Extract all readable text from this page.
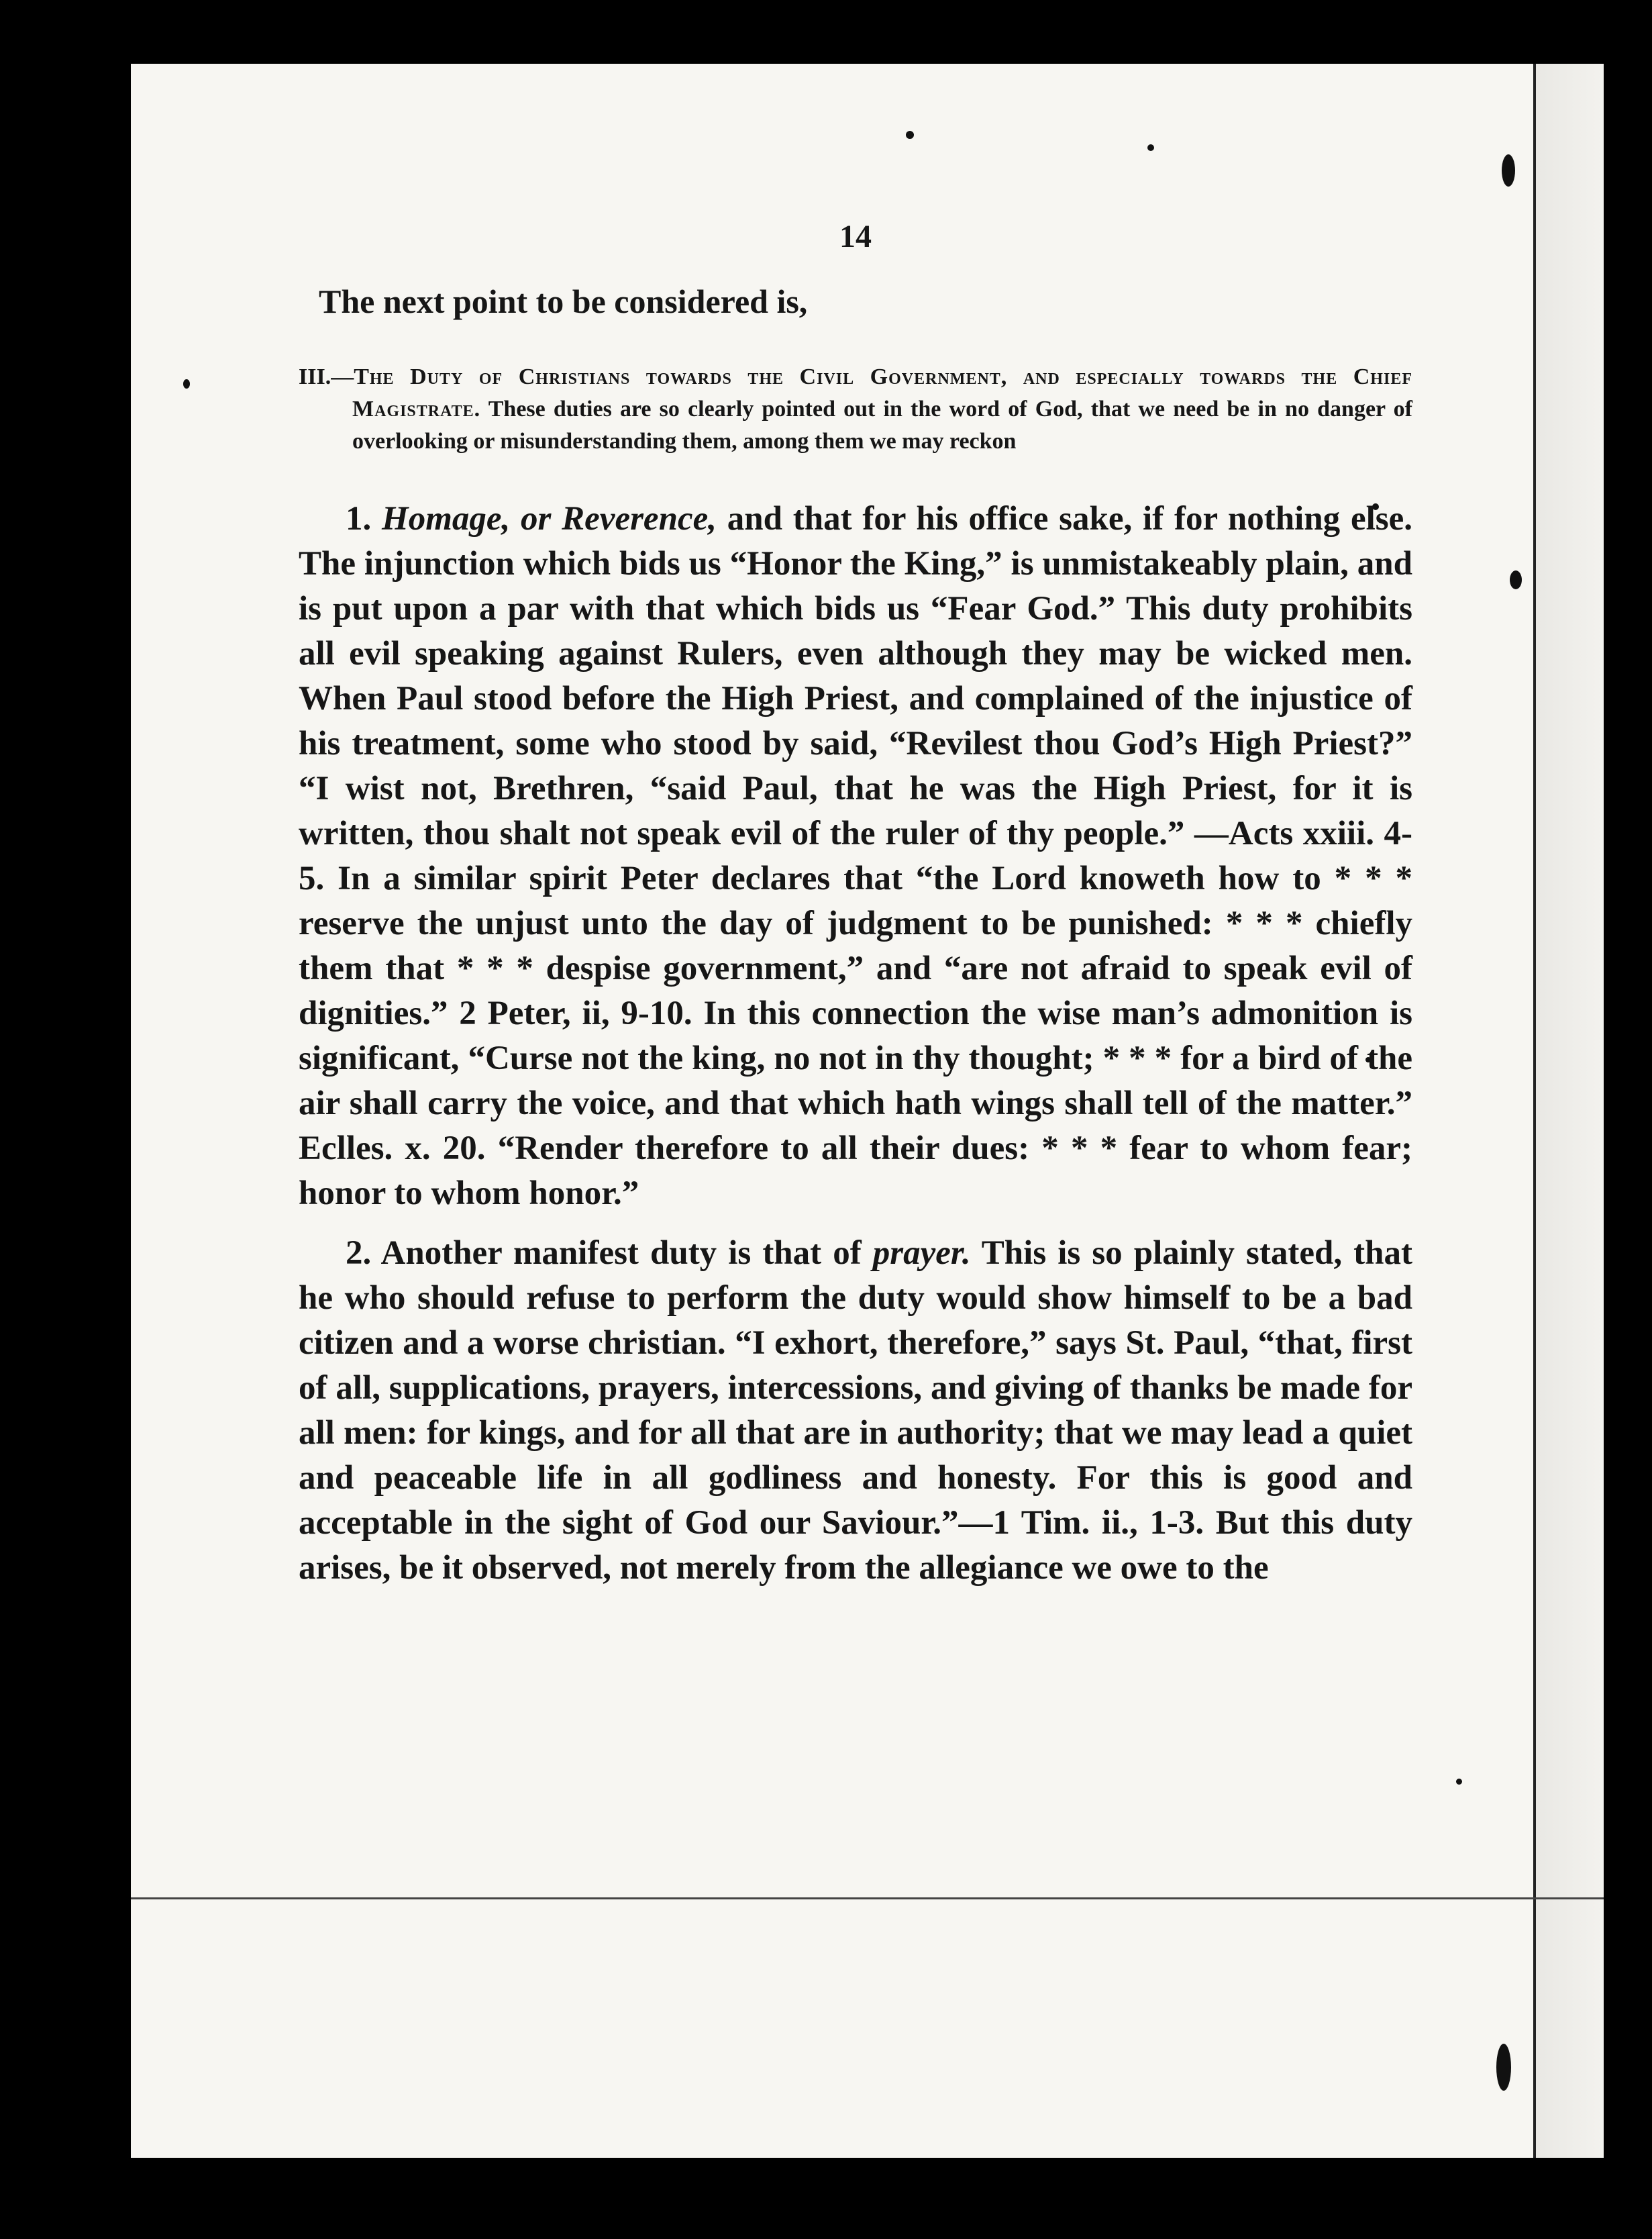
14
The next point to be considered is,
III.—The Duty of Christians towards the Civil Government, and especially towards the Chief Magistrate. These duties are so clearly pointed out in the word of God, that we need be in no danger of overlooking or misunderstanding them, among them we may reckon
1. Homage, or Reverence, and that for his office sake, if for nothing else. The injunction which bids us “Honor the King,” is unmistakeably plain, and is put upon a par with that which bids us “Fear God.” This duty prohibits all evil speaking against Rulers, even although they may be wicked men. When Paul stood before the High Priest, and complained of the injustice of his treatment, some who stood by said, “Revilest thou God’s High Priest?” “I wist not, Brethren, “said Paul, that he was the High Priest, for it is written, thou shalt not speak evil of the ruler of thy people.” —Acts xxiii. 4-5. In a similar spirit Peter declares that “the Lord knoweth how to * * * reserve the unjust unto the day of judgment to be punished: * * * chiefly them that * * * despise government,” and “are not afraid to speak evil of dignities.” 2 Peter, ii, 9-10. In this connection the wise man’s admonition is significant, “Curse not the king, no not in thy thought; * * * for a bird of the air shall carry the voice, and that which hath wings shall tell of the matter.” Eclles. x. 20. “Render therefore to all their dues: * * * fear to whom fear; honor to whom honor.”
2. Another manifest duty is that of prayer. This is so plainly stated, that he who should refuse to perform the duty would show himself to be a bad citizen and a worse christian. “I exhort, therefore,” says St. Paul, “that, first of all, supplications, prayers, intercessions, and giving of thanks be made for all men: for kings, and for all that are in authority; that we may lead a quiet and peaceable life in all godliness and honesty. For this is good and acceptable in the sight of God our Saviour.”—1 Tim. ii., 1-3. But this duty arises, be it observed, not merely from the allegiance we owe to the
